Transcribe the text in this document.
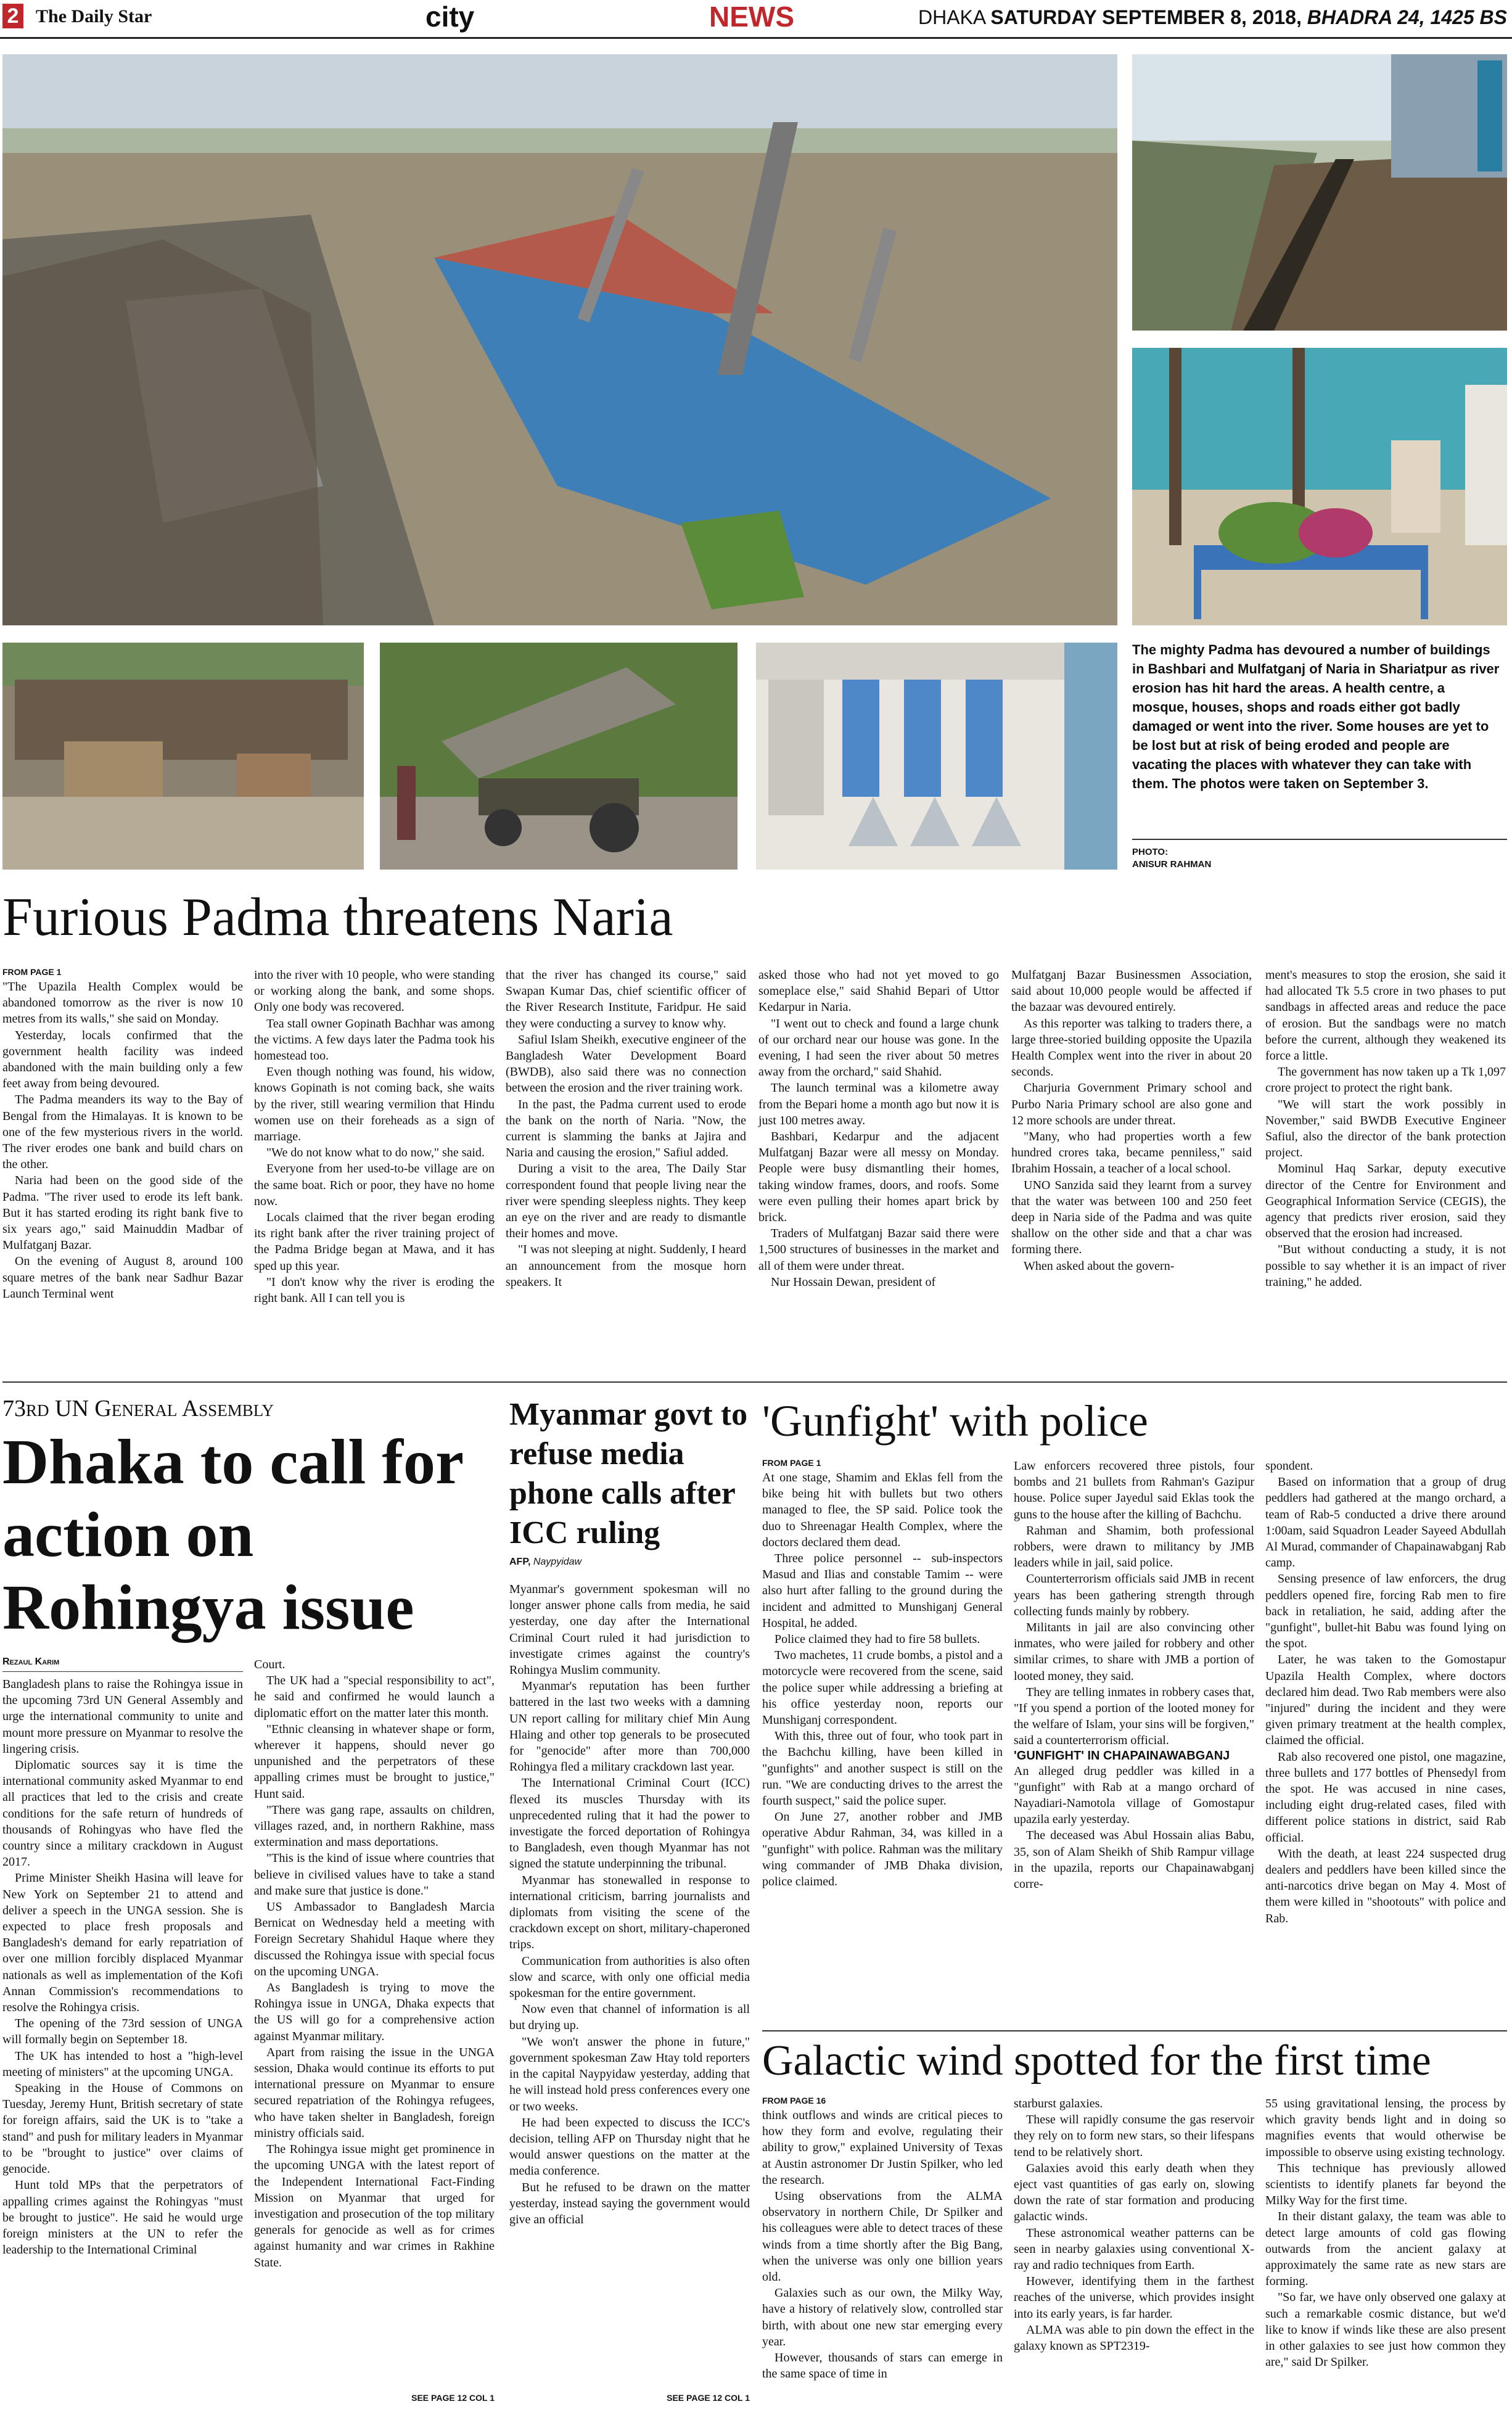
2 The Daily Star	city	NEWS	DHAKA SATURDAY SEPTEMBER 8, 2018, BHADRA 24, 1425 BS
The mighty Padma has devoured a number of buildings in Bashbari and Mulfatganj of Naria in Shariatpur as river erosion has hit hard the areas. A health centre, a mosque, houses, shops and roads either got badly damaged or went into the river. Some houses are yet to be lost but at risk of being eroded and people are vacating the places with whatever they can take with them. The photos were taken on September 3.
PHOTO:
ANISUR RAHMAN
Furious Padma threatens Naria
FROM PAGE 1

"The Upazila Health Complex would be abandoned tomorrow as the river is now 10 metres from its walls," she said on Monday.

Yesterday, locals confirmed that the government health facility was indeed abandoned with the main building only a few feet away from being devoured.

The Padma meanders its way to the Bay of Bengal from the Himalayas. It is known to be one of the few mysterious rivers in the world. The river erodes one bank and build chars on the other.

Naria had been on the good side of the Padma. "The river used to erode its left bank. But it has started eroding its right bank five to six years ago," said Mainuddin Madbar of Mulfatganj Bazar.

On the evening of August 8, around 100 square metres of the bank near Sadhur Bazar Launch Terminal went

into the river with 10 people, who were standing or working along the bank, and some shops. Only one body was recovered.

Tea stall owner Gopinath Bachhar was among the victims. A few days later the Padma took his homestead too.

Even though nothing was found, his widow, knows Gopinath is not coming back, she waits by the river, still wearing vermilion that Hindu women use on their foreheads as a sign of marriage.

"We do not know what to do now," she said.

Everyone from her used-to-be village are on the same boat. Rich or poor, they have no home now.

Locals claimed that the river began eroding its right bank after the river training project of the Padma Bridge began at Mawa, and it has sped up this year.

"I don't know why the river is eroding the right bank. All I can tell you is

that the river has changed its course," said Swapan Kumar Das, chief scientific officer of the River Research Institute, Faridpur. He said they were conducting a survey to know why.

Safiul Islam Sheikh, executive engineer of the Bangladesh Water Development Board (BWDB), also said there was no connection between the erosion and the river training work.

In the past, the Padma current used to erode the bank on the north of Naria. "Now, the current is slamming the banks at Jajira and Naria and causing the erosion," Safiul added.

During a visit to the area, The Daily Star correspondent found that people living near the river were spending sleepless nights. They keep an eye on the river and are ready to dismantle their homes and move.

"I was not sleeping at night. Suddenly, I heard an announcement from the mosque horn speakers. It

asked those who had not yet moved to go someplace else," said Shahid Bepari of Uttor Kedarpur in Naria.

"I went out to check and found a large chunk of our orchard near our house was gone. In the evening, I had seen the river about 50 metres away from the orchard," said Shahid.

The launch terminal was a kilometre away from the Bepari home a month ago but now it is just 100 metres away.

Bashbari, Kedarpur and the adjacent Mulfatganj Bazar were all messy on Monday. People were busy dismantling their homes, taking window frames, doors, and roofs. Some were even pulling their homes apart brick by brick.

Traders of Mulfatganj Bazar said there were 1,500 structures of businesses in the market and all of them were under threat.

Nur Hossain Dewan, president of

Mulfatganj Bazar Businessmen Association, said about 10,000 people would be affected if the bazaar was devoured entirely.

As this reporter was talking to traders there, a large three-storied building opposite the Upazila Health Complex went into the river in about 20 seconds.

Charjuria Government Primary school and Purbo Naria Primary school are also gone and 12 more schools are under threat.

"Many, who had properties worth a few hundred crores taka, became penniless," said Ibrahim Hossain, a teacher of a local school.

UNO Sanzida said they learnt from a survey that the water was between 100 and 250 feet deep in Naria side of the Padma and was quite shallow on the other side and that a char was forming there.

When asked about the govern-

ment's measures to stop the erosion, she said it had allocated Tk 5.5 crore in two phases to put sandbags in affected areas and reduce the pace of erosion. But the sandbags were no match before the current, although they weakened its force a little.

The government has now taken up a Tk 1,097 crore project to protect the right bank.

"We will start the work possibly in November," said BWDB Executive Engineer Safiul, also the director of the bank protection project.

Mominul Haq Sarkar, deputy executive director of the Centre for Environment and Geographical Information Service (CEGIS), the agency that predicts river erosion, said they observed that the erosion had increased.

"But without conducting a study, it is not possible to say whether it is an impact of river training," he added.

73rd UN General Assembly
Dhaka to call for action on Rohingya issue
Rezaul Karim

Bangladesh plans to raise the Rohingya issue in the upcoming 73rd UN General Assembly and urge the international community to unite and mount more pressure on Myanmar to resolve the lingering crisis.

Diplomatic sources say it is time the international community asked Myanmar to end all practices that led to the crisis and create conditions for the safe return of hundreds of thousands of Rohingyas who have fled the country since a military crackdown in August 2017.

Prime Minister Sheikh Hasina will leave for New York on September 21 to attend and deliver a speech in the UNGA session. She is expected to place fresh proposals and Bangladesh's demand for early repatriation of over one million forcibly displaced Myanmar nationals as well as implementation of the Kofi Annan Commission's recommendations to resolve the Rohingya crisis.

The opening of the 73rd session of UNGA will formally begin on September 18.

The UK has intended to host a "high-level meeting of ministers" at the upcoming UNGA.

Speaking in the House of Commons on Tuesday, Jeremy Hunt, British secretary of state for foreign affairs, said the UK is to "take a stand" and push for military leaders in Myanmar to be "brought to justice" over claims of genocide.

Hunt told MPs that the perpetrators of appalling crimes against the Rohingyas "must be brought to justice". He said he would urge foreign ministers at the UN to refer the leadership to the International Criminal

Court.

The UK had a "special responsibility to act", he said and confirmed he would launch a diplomatic effort on the matter later this month.

"Ethnic cleansing in whatever shape or form, wherever it happens, should never go unpunished and the perpetrators of these appalling crimes must be brought to justice," Hunt said.

"There was gang rape, assaults on children, villages razed, and, in northern Rakhine, mass extermination and mass deportations.

"This is the kind of issue where countries that believe in civilised values have to take a stand and make sure that justice is done."

US Ambassador to Bangladesh Marcia Bernicat on Wednesday held a meeting with Foreign Secretary Shahidul Haque where they discussed the Rohingya issue with special focus on the upcoming UNGA.

As Bangladesh is trying to move the Rohingya issue in UNGA, Dhaka expects that the US will go for a comprehensive action against Myanmar military.

Apart from raising the issue in the UNGA session, Dhaka would continue its efforts to put international pressure on Myanmar to ensure secured repatriation of the Rohingya refugees, who have taken shelter in Bangladesh, foreign ministry officials said.

The Rohingya issue might get prominence in the upcoming UNGA with the latest report of the Independent International Fact-Finding Mission on Myanmar that urged for investigation and prosecution of the top military generals for genocide as well as for crimes against humanity and war crimes in Rakhine State.

SEE PAGE 12 COL 1
Myanmar govt to refuse media phone calls after ICC ruling
AFP, Naypyidaw

Myanmar's government spokesman will no longer answer phone calls from media, he said yesterday, one day after the International Criminal Court ruled it had jurisdiction to investigate crimes against the country's Rohingya Muslim community.

Myanmar's reputation has been further battered in the last two weeks with a damning UN report calling for military chief Min Aung Hlaing and other top generals to be prosecuted for "genocide" after more than 700,000 Rohingya fled a military crackdown last year.

The International Criminal Court (ICC) flexed its muscles Thursday with its unprecedented ruling that it had the power to investigate the forced deportation of Rohingya to Bangladesh, even though Myanmar has not signed the statute underpinning the tribunal.

Myanmar has stonewalled in response to international criticism, barring journalists and diplomats from visiting the scene of the crackdown except on short, military-chaperoned trips.

Communication from authorities is also often slow and scarce, with only one official media spokesman for the entire government.

Now even that channel of information is all but drying up.

"We won't answer the phone in future," government spokesman Zaw Htay told reporters in the capital Naypyidaw yesterday, adding that he will instead hold press conferences every one or two weeks.

He had been expected to discuss the ICC's decision, telling AFP on Thursday night that he would answer questions on the matter at the media conference.

But he refused to be drawn on the matter yesterday, instead saying the government would give an official

SEE PAGE 12 COL 1
'Gunfight' with police
FROM PAGE 1

At one stage, Shamim and Eklas fell from the bike being hit with bullets but two others managed to flee, the SP said. Police took the duo to Shreenagar Health Complex, where the doctors declared them dead.

Three police personnel -- sub-inspectors Masud and Ilias and constable Tamim -- were also hurt after falling to the ground during the incident and admitted to Munshiganj General Hospital, he added.

Police claimed they had to fire 58 bullets.

Two machetes, 11 crude bombs, a pistol and a motorcycle were recovered from the scene, said the police super while addressing a briefing at his office yesterday noon, reports our Munshiganj correspondent.

With this, three out of four, who took part in the Bachchu killing, have been killed in "gunfights" and another suspect is still on the run. "We are conducting drives to the arrest the fourth suspect," said the police super.

On June 27, another robber and JMB operative Abdur Rahman, 34, was killed in a "gunfight" with police. Rahman was the military wing commander of JMB Dhaka division, police claimed.

Law enforcers recovered three pistols, four bombs and 21 bullets from Rahman's Gazipur house. Police super Jayedul said Eklas took the guns to the house after the killing of Bachchu.

Rahman and Shamim, both professional robbers, were drawn to militancy by JMB leaders while in jail, said police.

Counterterrorism officials said JMB in recent years has been gathering strength through collecting funds mainly by robbery.

Militants in jail are also convincing other inmates, who were jailed for robbery and other similar crimes, to share with JMB a portion of looted money, they said.

They are telling inmates in robbery cases that, "If you spend a portion of the looted money for the welfare of Islam, your sins will be forgiven," said a counterterrorism official.

'GUNFIGHT' IN CHAPAINAWABGANJ

An alleged drug peddler was killed in a "gunfight" with Rab at a mango orchard of Nayadiari-Namotola village of Gomostapur upazila early yesterday.

The deceased was Abul Hossain alias Babu, 35, son of Alam Sheikh of Shib Rampur village in the upazila, reports our Chapainawabganj corre-

spondent.

Based on information that a group of drug peddlers had gathered at the mango orchard, a team of Rab-5 conducted a drive there around 1:00am, said Squadron Leader Sayeed Abdullah Al Murad, commander of Chapainawabganj Rab camp.

Sensing presence of law enforcers, the drug peddlers opened fire, forcing Rab men to fire back in retaliation, he said, adding after the "gunfight", bullet-hit Babu was found lying on the spot.

Later, he was taken to the Gomostapur Upazila Health Complex, where doctors declared him dead. Two Rab members were also "injured" during the incident and they were given primary treatment at the health complex, claimed the official.

Rab also recovered one pistol, one magazine, three bullets and 177 bottles of Phensedyl from the spot. He was accused in nine cases, including eight drug-related cases, filed with different police stations in district, said Rab official.

With the death, at least 224 suspected drug dealers and peddlers have been killed since the anti-narcotics drive began on May 4. Most of them were killed in "shootouts" with police and Rab.

Galactic wind spotted for the first time
FROM PAGE 16

think outflows and winds are critical pieces to how they form and evolve, regulating their ability to grow," explained University of Texas at Austin astronomer Dr Justin Spilker, who led the research.

Using observations from the ALMA observatory in northern Chile, Dr Spilker and his colleagues were able to detect traces of these winds from a time shortly after the Big Bang, when the universe was only one billion years old.

Galaxies such as our own, the Milky Way, have a history of relatively slow, controlled star birth, with about one new star emerging every year.

However, thousands of stars can emerge in the same space of time in

starburst galaxies.

These will rapidly consume the gas reservoir they rely on to form new stars, so their lifespans tend to be relatively short.

Galaxies avoid this early death when they eject vast quantities of gas early on, slowing down the rate of star formation and producing galactic winds.

These astronomical weather patterns can be seen in nearby galaxies using conventional X-ray and radio techniques from Earth.

However, identifying them in the farthest reaches of the universe, which provides insight into its early years, is far harder.

ALMA was able to pin down the effect in the galaxy known as SPT2319-

55 using gravitational lensing, the process by which gravity bends light and in doing so magnifies events that would otherwise be impossible to observe using existing technology.

This technique has previously allowed scientists to identify planets far beyond the Milky Way for the first time.

In their distant galaxy, the team was able to detect large amounts of cold gas flowing outwards from the ancient galaxy at approximately the same rate as new stars are forming.

"So far, we have only observed one galaxy at such a remarkable cosmic distance, but we'd like to know if winds like these are also present in other galaxies to see just how common they are," said Dr Spilker.
